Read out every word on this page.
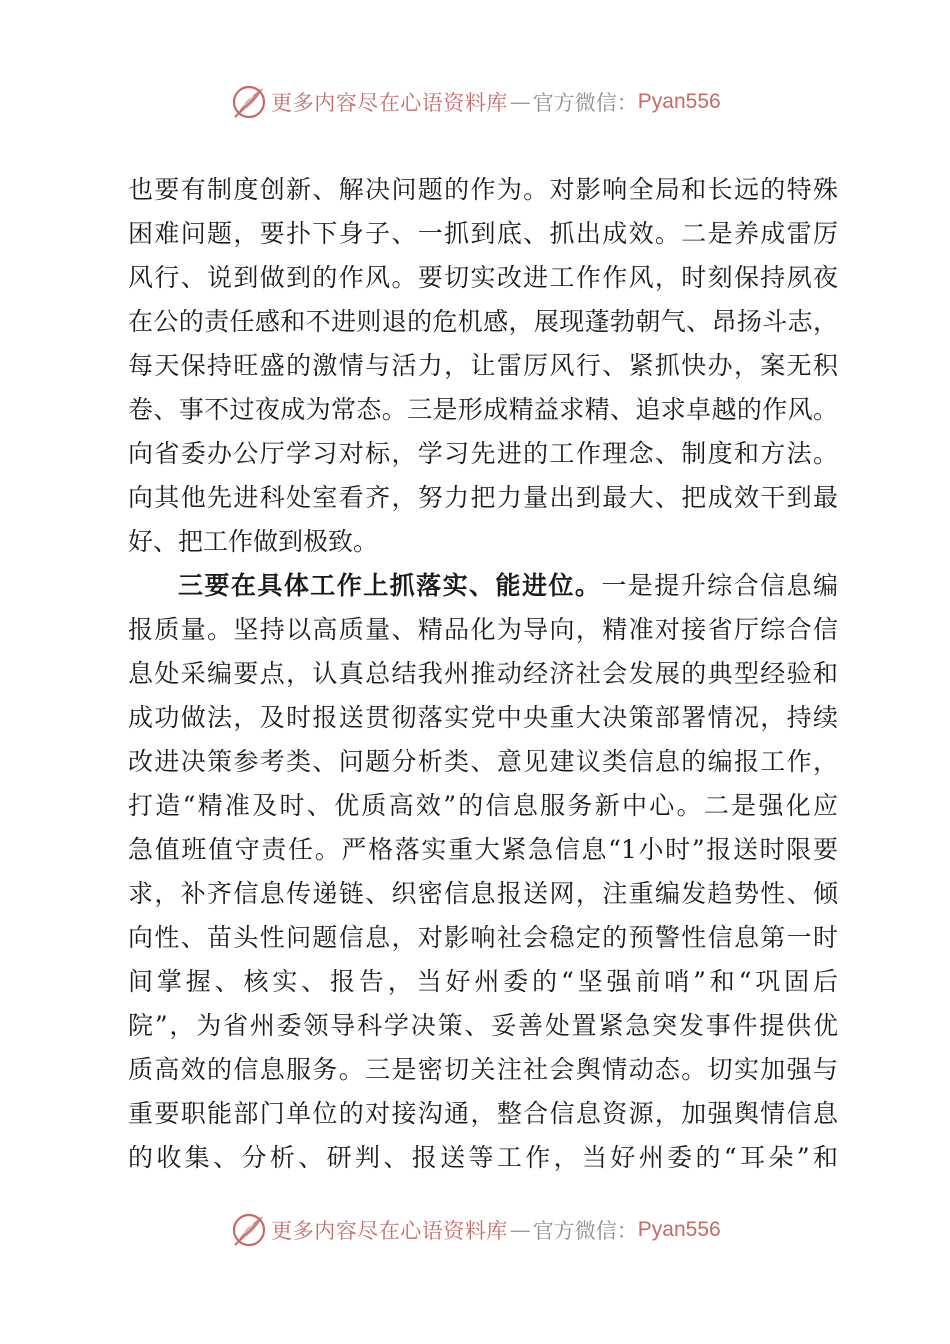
更多内容尽在心语资料库 — 官方微信： Pyan556
也要有制度创新、解决问题的作为。对影响全局和长远的特殊
困难问题，要扑下身子、一抓到底、抓出成效。二是养成雷厉
风行、说到做到的作风。要切实改进工作作风，时刻保持夙夜
在公的责任感和不进则退的危机感，展现蓬勃朝气、昂扬斗志，
每天保持旺盛的激情与活力，让雷厉风行、紧抓快办，案无积
卷、事不过夜成为常态。三是形成精益求精、追求卓越的作风。
向省委办公厅学习对标，学习先进的工作理念、制度和方法。
向其他先进科处室看齐，努力把力量出到最大、把成效干到最
好、把工作做到极致。
三要在具体工作上抓落实、能进位。一是提升综合信息编
报质量。坚持以高质量、精品化为导向，精准对接省厅综合信
息处采编要点，认真总结我州推动经济社会发展的典型经验和
成功做法，及时报送贯彻落实党中央重大决策部署情况，持续
改进决策参考类、问题分析类、意见建议类信息的编报工作，
打造“精准及时、优质高效”的信息服务新中心。二是强化应
急值班值守责任。严格落实重大紧急信息“1小时”报送时限要
求，补齐信息传递链、织密信息报送网，注重编发趋势性、倾
向性、苗头性问题信息，对影响社会稳定的预警性信息第一时
间掌握、核实、报告，当好州委的“坚强前哨”和“巩固后
院”，为省州委领导科学决策、妥善处置紧急突发事件提供优
质高效的信息服务。三是密切关注社会舆情动态。切实加强与
重要职能部门单位的对接沟通，整合信息资源，加强舆情信息
的收集、分析、研判、报送等工作，当好州委的“耳朵”和
更多内容尽在心语资料库 — 官方微信： Pyan556
